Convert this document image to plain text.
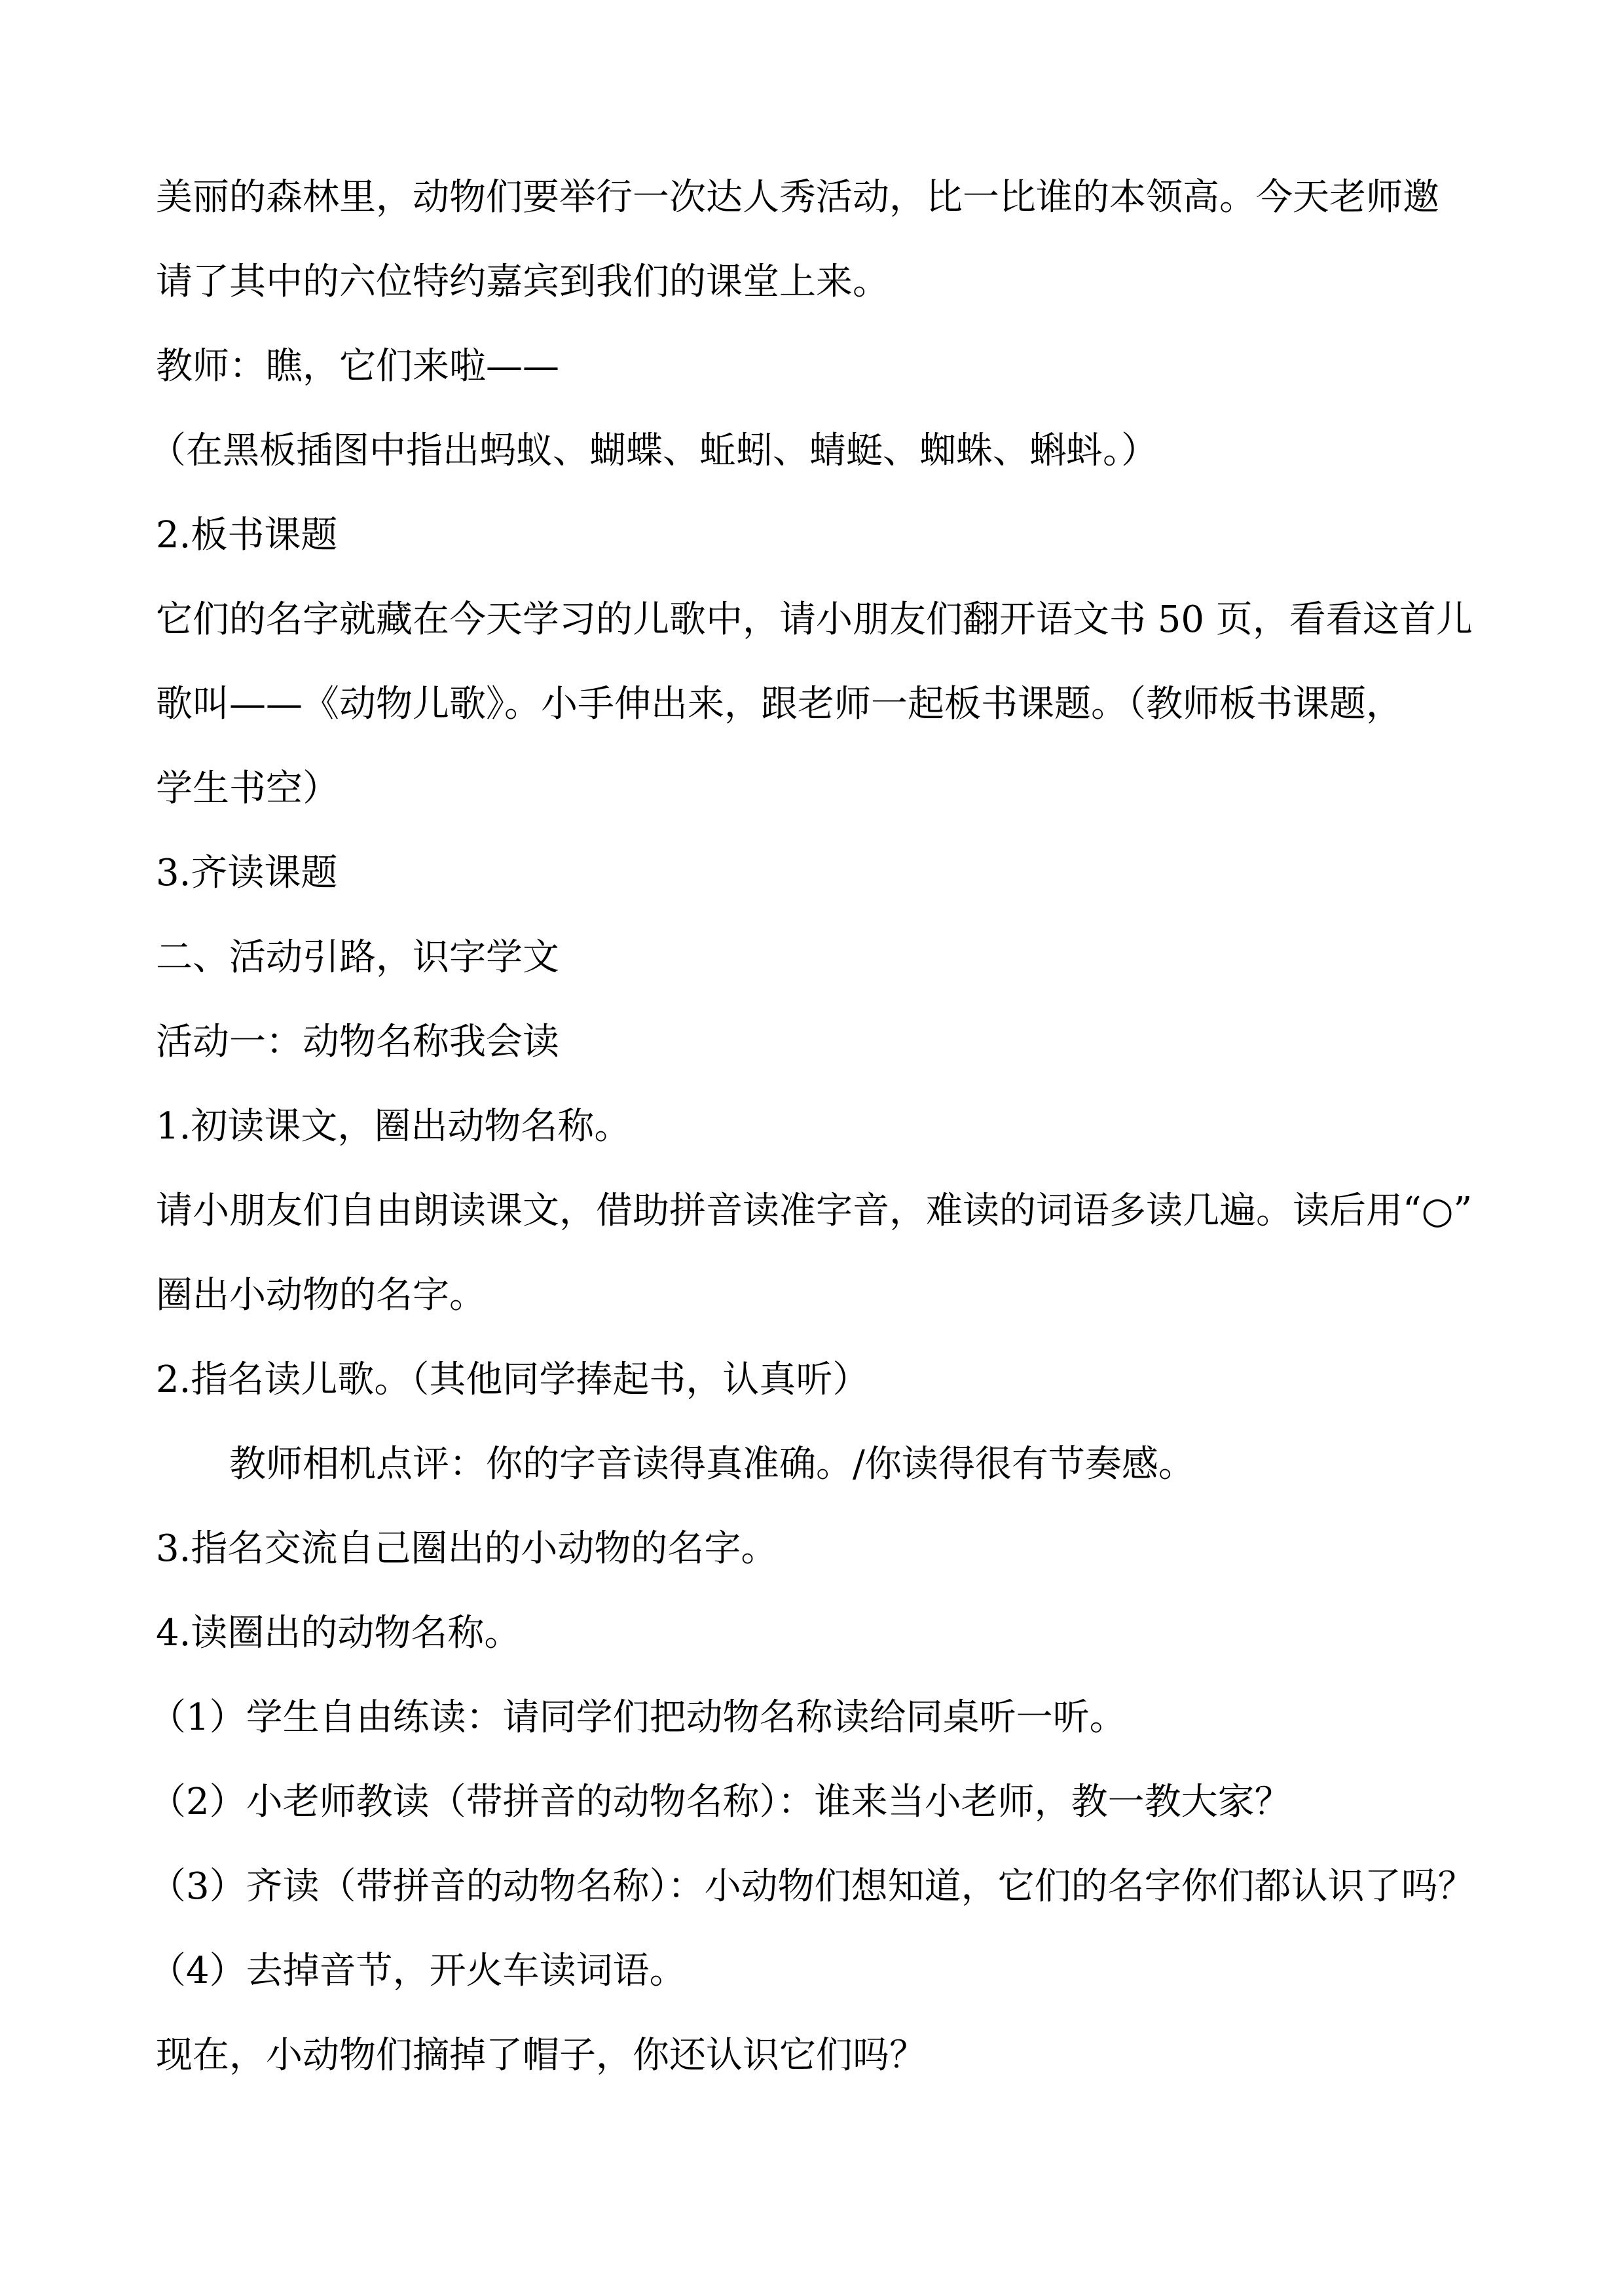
美丽的森林里，动物们要举行一次达人秀活动，比一比谁的本领高。今天老师邀
请了其中的六位特约嘉宾到我们的课堂上来。
教师：瞧，它们来啦——
（在黑板插图中指出蚂蚁、蝴蝶、蚯蚓、蜻蜓、蜘蛛、蝌蚪。）
2.板书课题
它们的名字就藏在今天学习的儿歌中，请小朋友们翻开语文书 50 页，看看这首儿
歌叫——《动物儿歌》。小手伸出来，跟老师一起板书课题。（教师板书课题，
学生书空）
3.齐读课题
二、活动引路，识字学文
活动一：动物名称我会读
1.初读课文，圈出动物名称。
请小朋友们自由朗读课文，借助拼音读准字音，难读的词语多读几遍。读后用“○”
圈出小动物的名字。
2.指名读儿歌。（其他同学捧起书，认真听）
教师相机点评：你的字音读得真准确。/你读得很有节奏感。
3.指名交流自己圈出的小动物的名字。
4.读圈出的动物名称。
（1）学生自由练读：请同学们把动物名称读给同桌听一听。
（2）小老师教读（带拼音的动物名称）：谁来当小老师，教一教大家？
（3）齐读（带拼音的动物名称）：小动物们想知道，它们的名字你们都认识了吗？
（4）去掉音节，开火车读词语。
现在，小动物们摘掉了帽子，你还认识它们吗？
